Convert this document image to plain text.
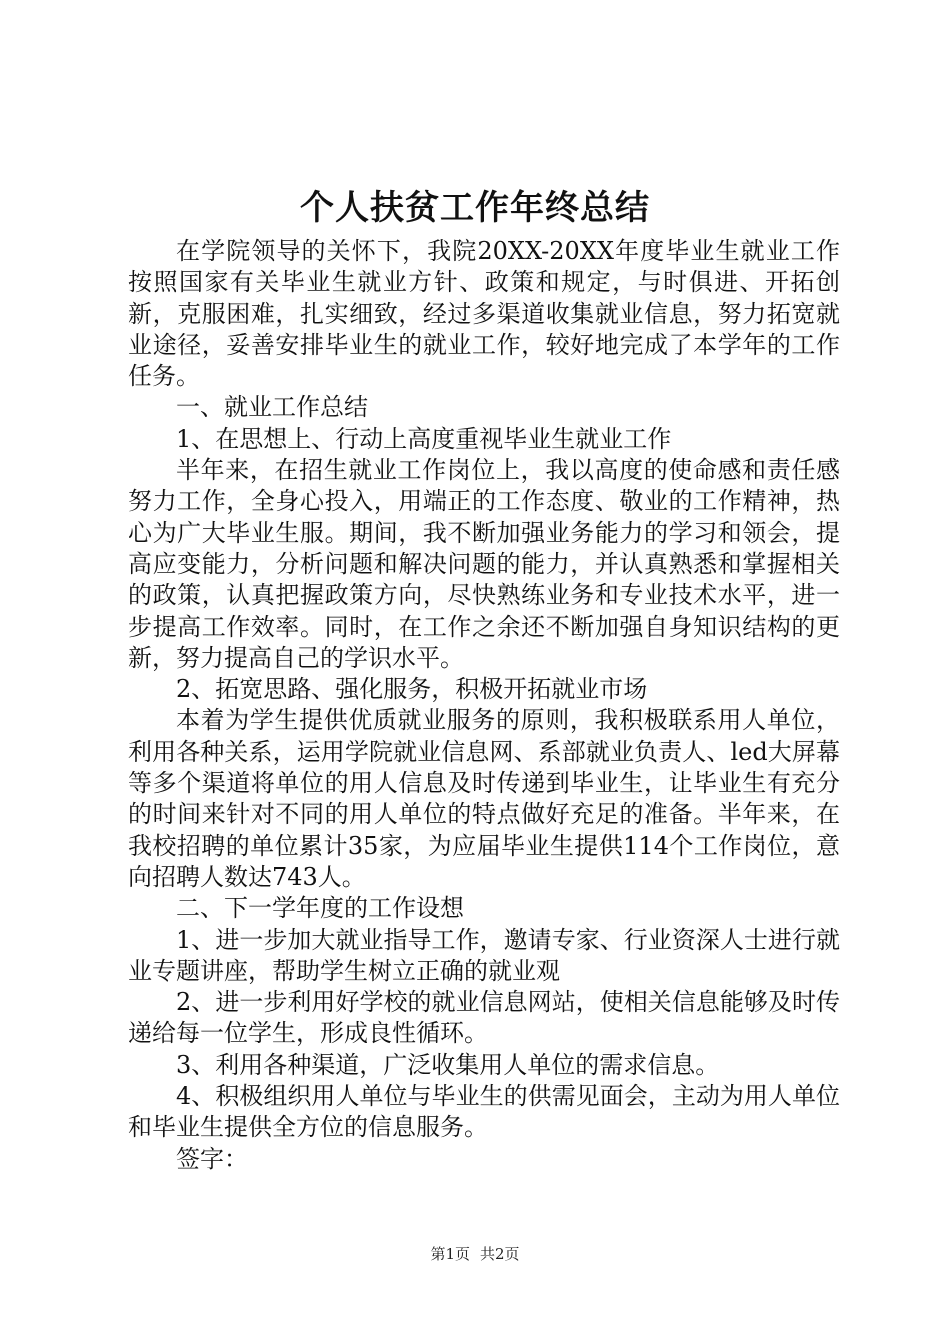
个人扶贫工作年终总结

在学院领导的关怀下，我院20XX-20XX年度毕业生就业工作按照国家有关毕业生就业方针、政策和规定，与时俱进、开拓创新，克服困难，扎实细致，经过多渠道收集就业信息，努力拓宽就业途径，妥善安排毕业生的就业工作，较好地完成了本学年的工作任务。

一、就业工作总结

1、在思想上、行动上高度重视毕业生就业工作

半年来，在招生就业工作岗位上，我以高度的使命感和责任感努力工作，全身心投入，用端正的工作态度、敬业的工作精神，热心为广大毕业生服。期间，我不断加强业务能力的学习和领会，提高应变能力，分析问题和解决问题的能力，并认真熟悉和掌握相关的政策，认真把握政策方向，尽快熟练业务和专业技术水平，进一步提高工作效率。同时，在工作之余还不断加强自身知识结构的更新，努力提高自己的学识水平。

2、拓宽思路、强化服务，积极开拓就业市场

本着为学生提供优质就业服务的原则，我积极联系用人单位，利用各种关系，运用学院就业信息网、系部就业负责人、led大屏幕等多个渠道将单位的用人信息及时传递到毕业生，让毕业生有充分的时间来针对不同的用人单位的特点做好充足的准备。半年来，在我校招聘的单位累计35家，为应届毕业生提供114个工作岗位，意向招聘人数达743人。

二、下一学年度的工作设想

1、进一步加大就业指导工作，邀请专家、行业资深人士进行就业专题讲座，帮助学生树立正确的就业观

2、进一步利用好学校的就业信息网站，使相关信息能够及时传递给每一位学生，形成良性循环。

3、利用各种渠道，广泛收集用人单位的需求信息。

4、积极组织用人单位与毕业生的供需见面会，主动为用人单位和毕业生提供全方位的信息服务。

签字：

第1页 共2页
